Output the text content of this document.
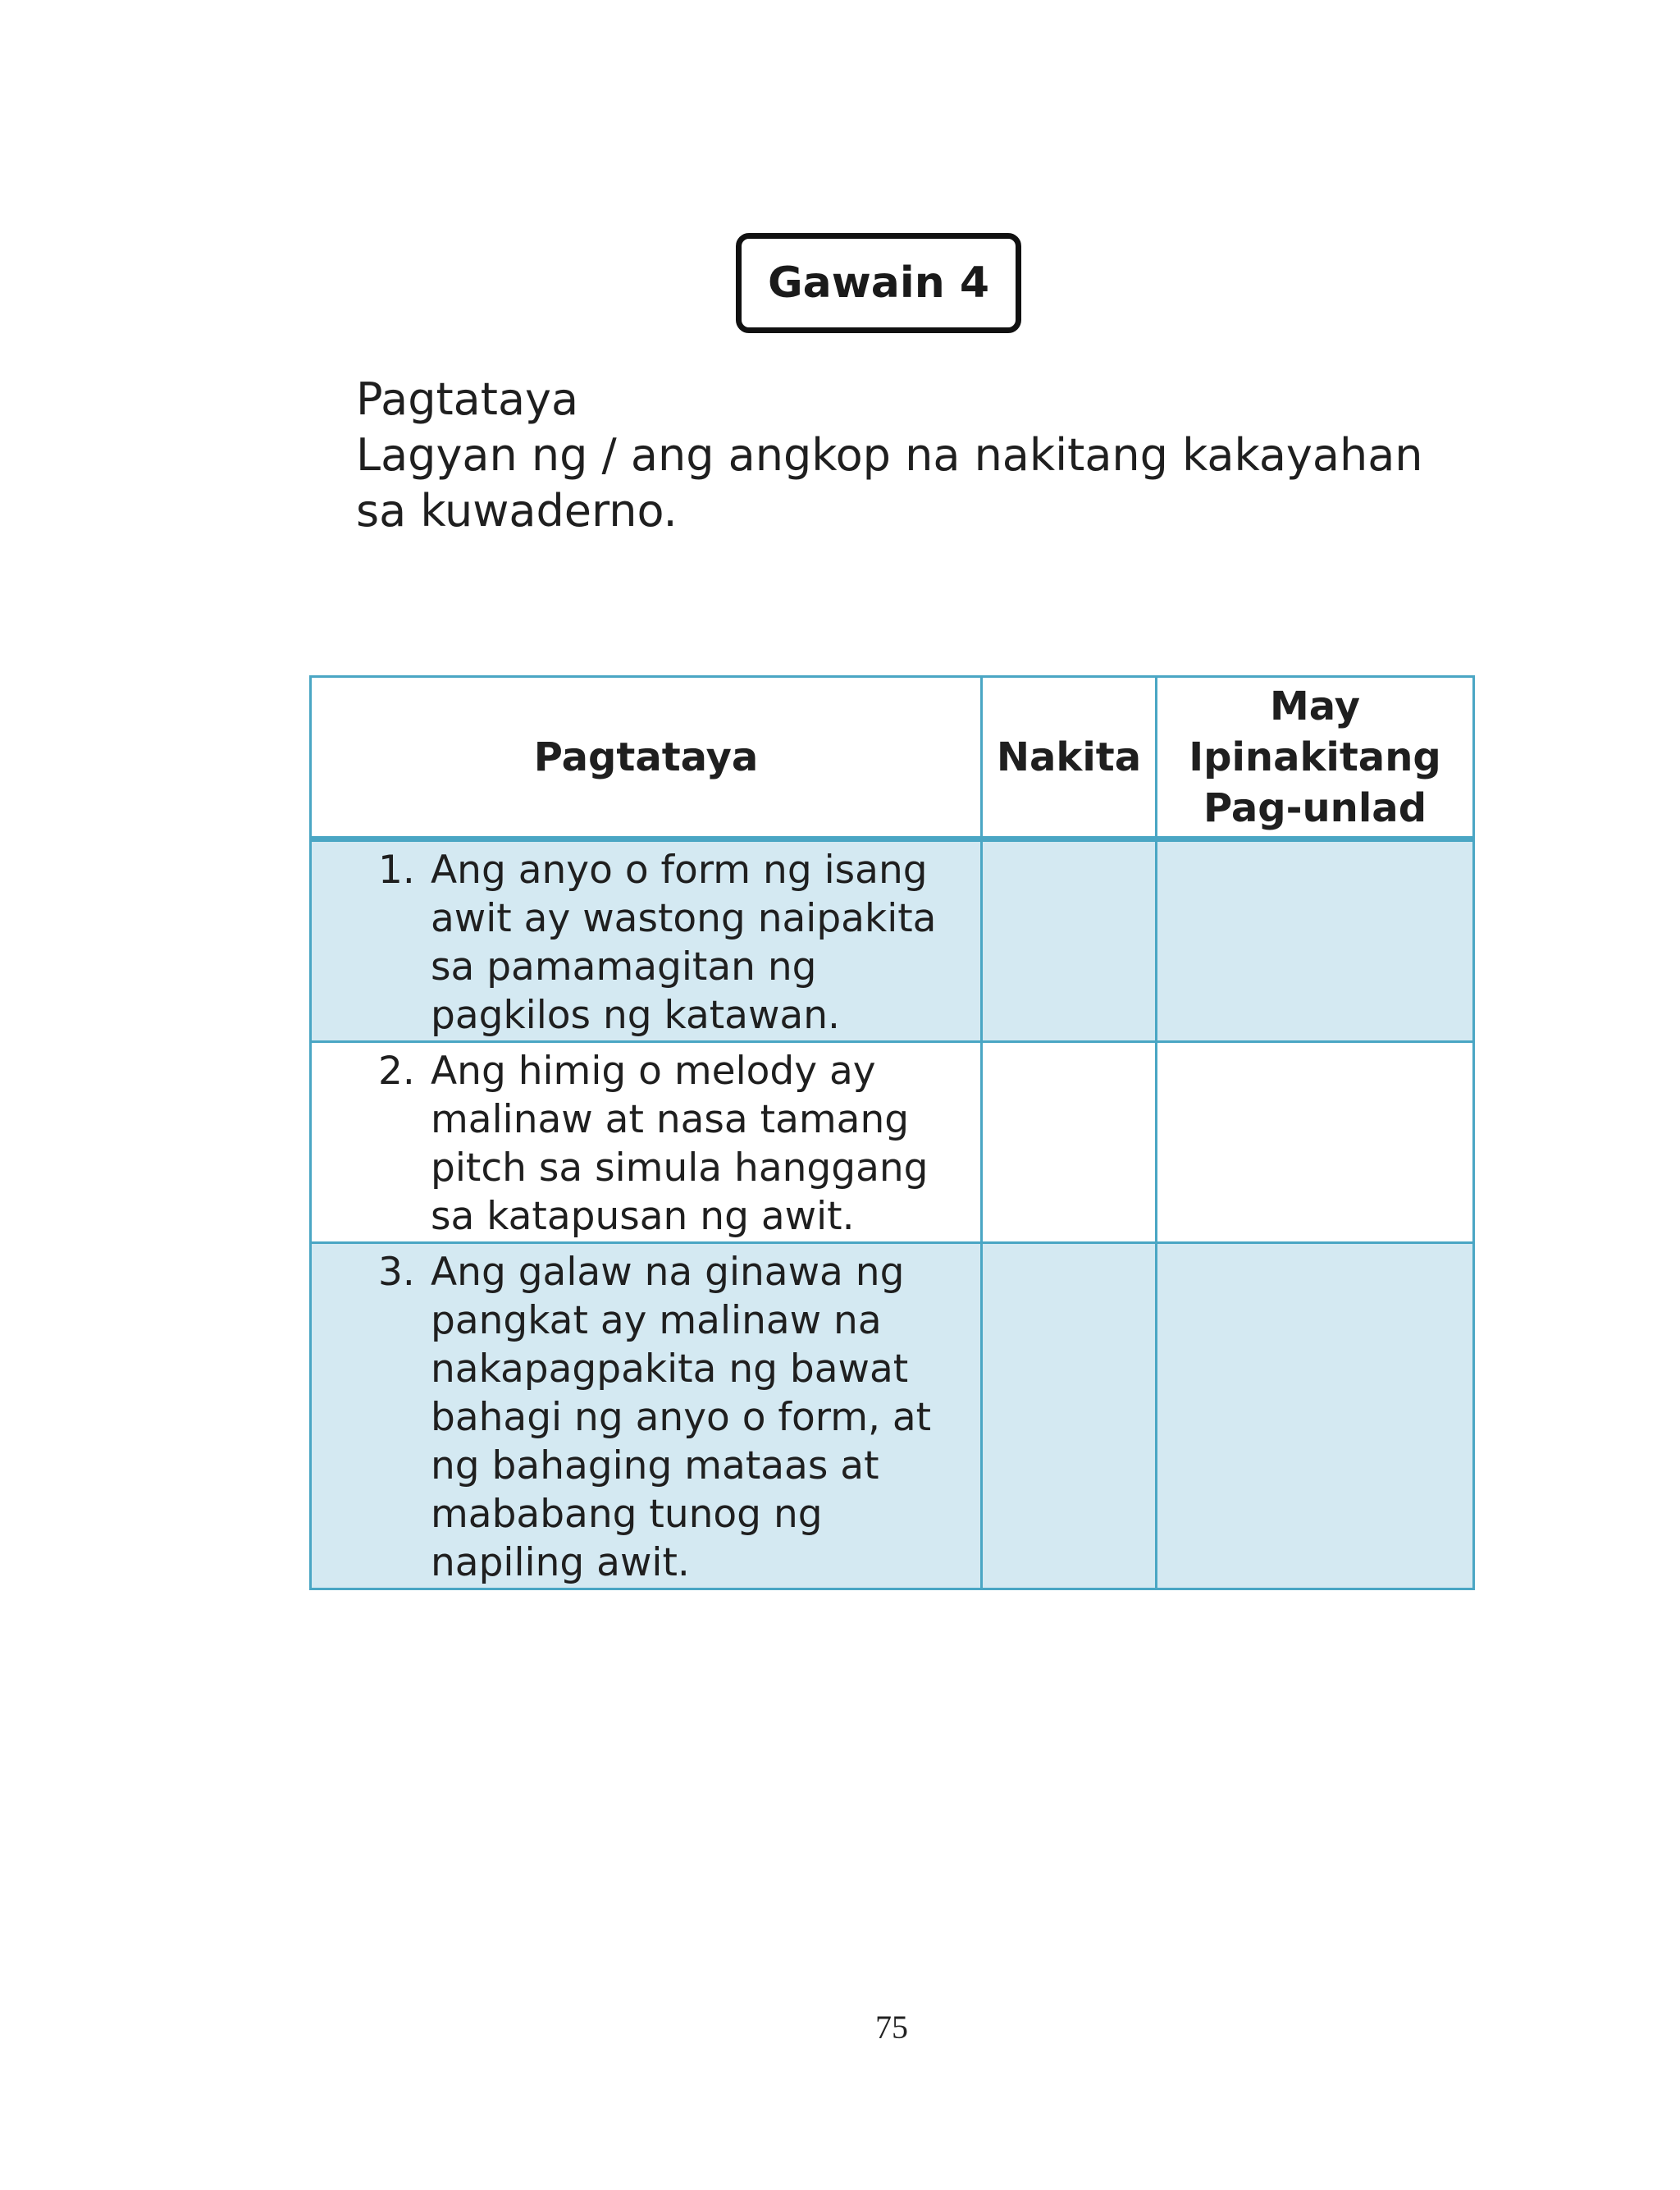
Gawain 4
Pagtataya
Lagyan ng / ang angkop na nakitang kakayahan
sa kuwaderno.
Pagtataya	Nakita	May
Ipinakitang
Pag-unlad

1. Ang anyo o form ng isang awit ay wastong naipakita sa pamamagitan ng pagkilos ng katawan.		

2. Ang himig o melody ay malinaw at nasa tamang pitch sa simula hanggang sa katapusan ng awit.		

3. Ang galaw na ginawa ng pangkat ay malinaw na nakapagpakita ng bawat bahagi ng anyo o form, at ng bahaging mataas at mababang tunog ng napiling awit.		

75
